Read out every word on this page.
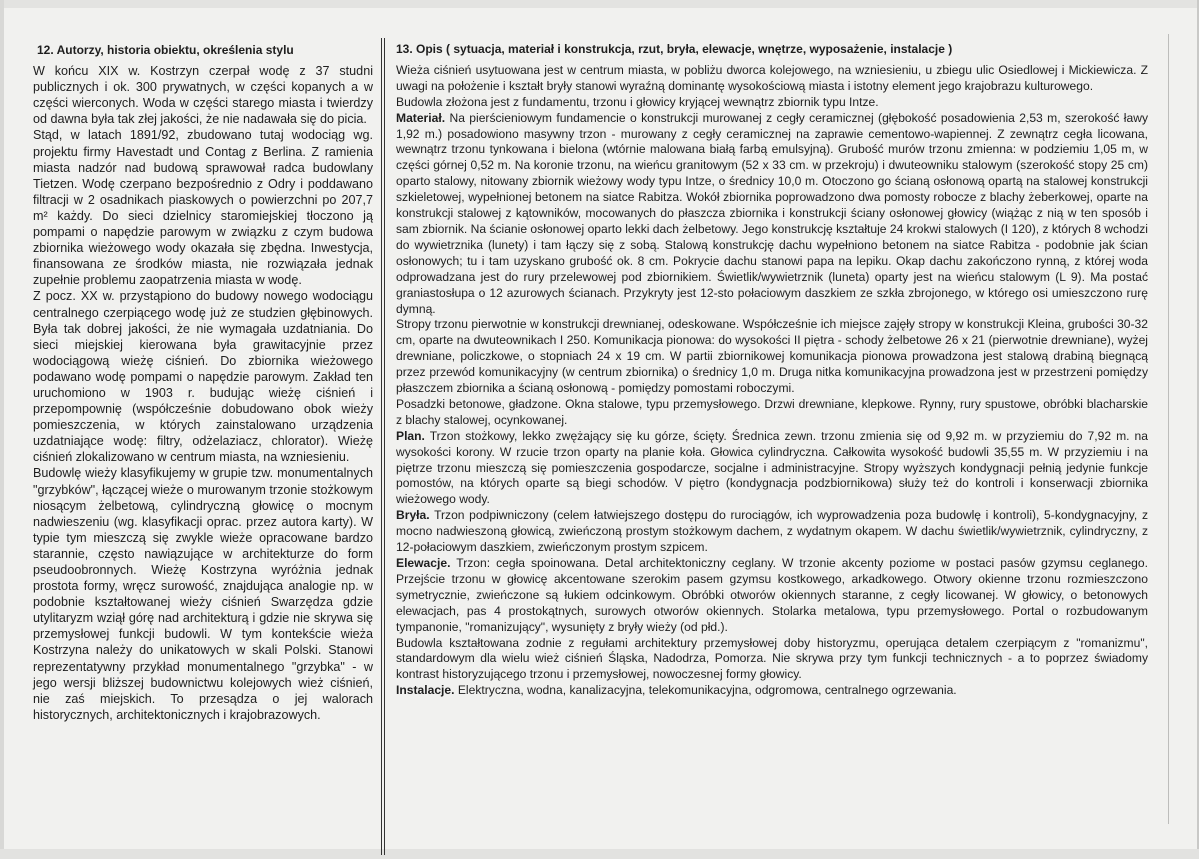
12. Autorzy, historia obiektu, określenia stylu

W końcu XIX w. Kostrzyn czerpał wodę z 37 studni publicznych i ok. 300 prywatnych, w części kopanych a w części wierconych. Woda w części starego miasta i twierdzy od dawna była tak złej jakości, że nie nadawała się do picia.

Stąd, w latach 1891/92, zbudowano tutaj wodociąg wg. projektu firmy Havestadt und Contag z Berlina. Z ramienia miasta nadzór nad budową sprawował radca budowlany Tietzen. Wodę czerpano bezpośrednio z Odry i poddawano filtracji w 2 osadnikach piaskowych o powierzchni po 207,7 m² każdy. Do sieci dzielnicy staromiejskiej tłoczono ją pompami o napędzie parowym w związku z czym budowa zbiornika wieżowego wody okazała się zbędna. Inwestycja, finansowana ze środków miasta, nie rozwiązała jednak zupełnie problemu zaopatrzenia miasta w wodę.

Z pocz. XX w. przystąpiono do budowy nowego wodociągu centralnego czerpiącego wodę już ze studzien głębinowych. Była tak dobrej jakości, że nie wymagała uzdatniania. Do sieci miejskiej kierowana była grawitacyjnie przez wodociągową wieżę ciśnień. Do zbiornika wieżowego podawano wodę pompami o napędzie parowym. Zakład ten uruchomiono w 1903 r. budując wieżę ciśnień i przepompownię (współcześnie dobudowano obok wieży pomieszczenia, w których zainstalowano urządzenia uzdatniające wodę: filtry, odżelaziacz, chlorator). Wieżę ciśnień zlokalizowano w centrum miasta, na wzniesieniu.

Budowlę wieży klasyfikujemy w grupie tzw. monumentalnych "grzybków", łączącej wieże o murowanym trzonie stożkowym niosącym żelbetową, cylindryczną głowicę o mocnym nadwieszeniu (wg. klasyfikacji oprac. przez autora karty). W typie tym mieszczą się zwykle wieże opracowane bardzo starannie, często nawiązujące w architekturze do form pseudoobronnych. Wieżę Kostrzyna wyróżnia jednak prostota formy, wręcz surowość, znajdująca analogie np. w podobnie kształtowanej wieży ciśnień Swarzędza gdzie utylitaryzm wziął górę nad architekturą i gdzie nie skrywa się przemysłowej funkcji budowli. W tym kontekście wieża Kostrzyna należy do unikatowych w skali Polski. Stanowi reprezentatywny przykład monumentalnego "grzybka" - w jego wersji bliższej budownictwu kolejowych wież ciśnień, nie zaś miejskich. To przesądza o jej walorach historycznych, architektonicznych i krajobrazowych.

13. Opis ( sytuacja, materiał i konstrukcja, rzut, bryła, elewacje, wnętrze, wyposażenie, instalacje )

Wieża ciśnień usytuowana jest w centrum miasta, w pobliżu dworca kolejowego, na wzniesieniu, u zbiegu ulic Osiedlowej i Mickiewicza. Z uwagi na położenie i kształt bryły stanowi wyraźną dominantę wysokościową miasta i istotny element jego krajobrazu kulturowego.

Budowla złożona jest z fundamentu, trzonu i głowicy kryjącej wewnątrz zbiornik typu Intze.

Materiał. Na pierścieniowym fundamencie o konstrukcji murowanej z cegły ceramicznej (głębokość posadowienia 2,53 m, szerokość ławy 1,92 m.) posadowiono masywny trzon - murowany z cegły ceramicznej na zaprawie cementowo-wapiennej. Z zewnątrz cegła licowana, wewnątrz trzonu tynkowana i bielona (wtórnie malowana białą farbą emulsyjną). Grubość murów trzonu zmienna: w podziemiu 1,05 m, w części górnej 0,52 m. Na koronie trzonu, na wieńcu granitowym (52 x 33 cm. w przekroju) i dwuteowniku stalowym (szerokość stopy 25 cm) oparto stalowy, nitowany zbiornik wieżowy wody typu Intze, o średnicy 10,0 m. Otoczono go ścianą osłonową opartą na stalowej konstrukcji szkieletowej, wypełnionej betonem na siatce Rabitza. Wokół zbiornika poprowadzono dwa pomosty robocze z blachy żeberkowej, oparte na konstrukcji stalowej z kątowników, mocowanych do płaszcza zbiornika i konstrukcji ściany osłonowej głowicy (wiążąc z nią w ten sposób i sam zbiornik. Na ścianie osłonowej oparto lekki dach żelbetowy. Jego konstrukcję kształtuje 24 krokwi stalowych (I 120), z których 8 wchodzi do wywietrznika (lunety) i tam łączy się z sobą. Stalową konstrukcję dachu wypełniono betonem na siatce Rabitza - podobnie jak ścian osłonowych; tu i tam uzyskano grubość ok. 8 cm. Pokrycie dachu stanowi papa na lepiku. Okap dachu zakończono rynną, z której woda odprowadzana jest do rury przelewowej pod zbiornikiem. Świetlik/wywietrznik (luneta) oparty jest na wieńcu stalowym (L 9). Ma postać graniastosłupa o 12 azurowych ścianach. Przykryty jest 12-sto połaciowym daszkiem ze szkła zbrojonego, w którego osi umieszczono rurę dymną.

Stropy trzonu pierwotnie w konstrukcji drewnianej, odeskowane. Współcześnie ich miejsce zajęły stropy w konstrukcji Kleina, grubości 30-32 cm, oparte na dwuteownikach I 250. Komunikacja pionowa: do wysokości II piętra - schody żelbetowe 26 x 21 (pierwotnie drewniane), wyżej drewniane, policzkowe, o stopniach 24 x 19 cm. W partii zbiornikowej komunikacja pionowa prowadzona jest stalową drabiną biegnącą przez przewód komunikacyjny (w centrum zbiornika) o średnicy 1,0 m. Druga nitka komunikacyjna prowadzona jest w przestrzeni pomiędzy płaszczem zbiornika a ścianą osłonową - pomiędzy pomostami roboczymi.

Posadzki betonowe, gładzone. Okna stalowe, typu przemysłowego. Drzwi drewniane, klepkowe. Rynny, rury spustowe, obróbki blacharskie z blachy stalowej, ocynkowanej.

Plan. Trzon stożkowy, lekko zwężający się ku górze, ścięty. Średnica zewn. trzonu zmienia się od 9,92 m. w przyziemiu do 7,92 m. na wysokości korony. W rzucie trzon oparty na planie koła. Głowica cylindryczna. Całkowita wysokość budowli 35,55 m. W przyziemiu i na piętrze trzonu mieszczą się pomieszczenia gospodarcze, socjalne i administracyjne. Stropy wyższych kondygnacji pełnią jedynie funkcje pomostów, na których oparte są biegi schodów. V piętro (kondygnacja podzbiornikowa) służy też do kontroli i konserwacji zbiornika wieżowego wody.

Bryła. Trzon podpiwniczony (celem łatwiejszego dostępu do rurociągów, ich wyprowadzenia poza budowlę i kontroli), 5-kondygnacyjny, z mocno nadwieszoną głowicą, zwieńczoną prostym stożkowym dachem, z wydatnym okapem. W dachu świetlik/wywietrznik, cylindryczny, z 12-połaciowym daszkiem, zwieńczonym prostym szpicem.

Elewacje. Trzon: cegła spoinowana. Detal architektoniczny ceglany. W trzonie akcenty poziome w postaci pasów gzymsu ceglanego. Przejście trzonu w głowicę akcentowane szerokim pasem gzymsu kostkowego, arkadkowego. Otwory okienne trzonu rozmieszczono symetrycznie, zwieńczone są łukiem odcinkowym. Obróbki otworów okiennych staranne, z cegły licowanej. W głowicy, o betonowych elewacjach, pas 4 prostokątnych, surowych otworów okiennych. Stolarka metalowa, typu przemysłowego. Portal o rozbudowanym tympanonie, "romanizujący", wysunięty z bryły wieży (od płd.).

Budowla kształtowana zodnie z regułami architektury przemysłowej doby historyzmu, operująca detalem czerpiącym z "romanizmu", standardowym dla wielu wież ciśnień Śląska, Nadodrza, Pomorza. Nie skrywa przy tym funkcji technicznych - a to poprzez świadomy kontrast historyzującego trzonu i przemysłowej, nowoczesnej formy głowicy.

Instalacje. Elektryczna, wodna, kanalizacyjna, telekomunikacyjna, odgromowa, centralnego ogrzewania.
